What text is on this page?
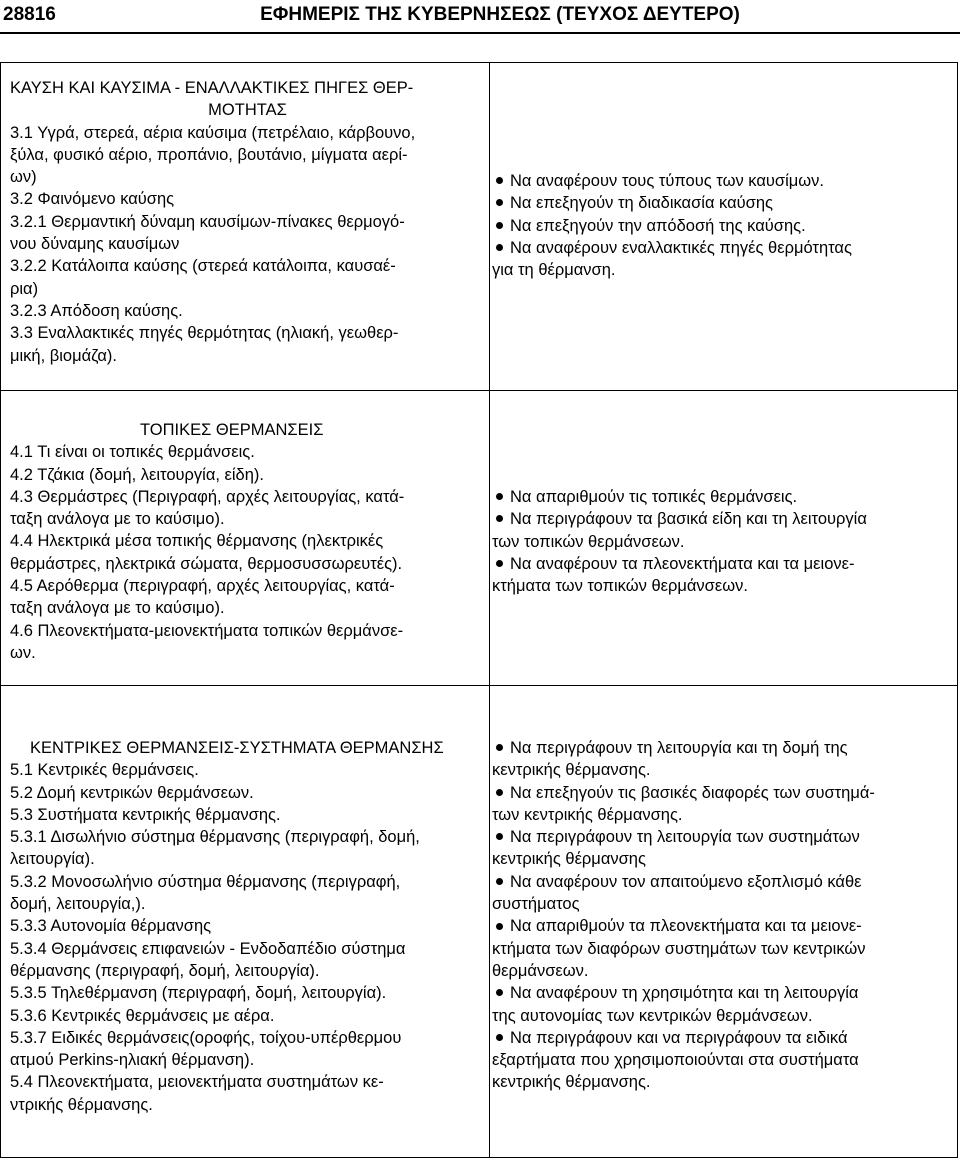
28816	ΕΦΗΜΕΡΙΣ ΤΗΣ ΚΥΒΕΡΝΗΣΕΩΣ (ΤΕΥΧΟΣ ΔΕΥΤΕΡΟ)
ΚΑΥΣΗ ΚΑΙ ΚΑΥΣΙΜΑ - ΕΝΑΛΛΑΚΤΙΚΕΣ ΠΗΓΕΣ ΘΕΡ-
ΜΟΤΗΤΑΣ
3.1 Υγρά, στερεά, αέρια καύσιμα (πετρέλαιο, κάρβουνο,
ξύλα, φυσικό αέριο, προπάνιο, βουτάνιο, μίγματα αερί-
ων)
3.2 Φαινόμενο καύσης
3.2.1 Θερμαντική δύναμη καυσίμων-πίνακες θερμογό-
νου δύναμης καυσίμων
3.2.2 Κατάλοιπα καύσης (στερεά κατάλοιπα, καυσαέ-
ρια)
3.2.3 Απόδοση καύσης.
3.3 Εναλλακτικές πηγές θερμότητας (ηλιακή, γεωθερ-
μική, βιομάζα).
Να αναφέρουν τους τύπους των καυσίμων.
Να επεξηγούν τη διαδικασία καύσης
Να επεξηγούν την απόδοσή της καύσης.
Να αναφέρουν εναλλακτικές πηγές θερμότητας
για τη θέρμανση.
ΤΟΠΙΚΕΣ ΘΕΡΜΑΝΣΕΙΣ
4.1 Τι είναι οι τοπικές θερμάνσεις.
4.2 Τζάκια (δομή, λειτουργία, είδη).
4.3 Θερμάστρες (Περιγραφή, αρχές λειτουργίας, κατά-
ταξη ανάλογα με το καύσιμο).
4.4 Ηλεκτρικά μέσα τοπικής θέρμανσης (ηλεκτρικές
θερμάστρες, ηλεκτρικά σώματα, θερμοσυσσωρευτές).
4.5 Αερόθερμα (περιγραφή, αρχές λειτουργίας, κατά-
ταξη ανάλογα με το καύσιμο).
4.6 Πλεονεκτήματα-μειονεκτήματα τοπικών θερμάνσε-
ων.
Να απαριθμούν τις τοπικές θερμάνσεις.
Να περιγράφουν τα βασικά είδη και τη λειτουργία
των τοπικών θερμάνσεων.
Να αναφέρουν τα πλεονεκτήματα και τα μειονε-
κτήματα των τοπικών θερμάνσεων.
ΚΕΝΤΡΙΚΕΣ ΘΕΡΜΑΝΣΕΙΣ-ΣΥΣΤΗΜΑΤΑ ΘΕΡΜΑΝΣΗΣ
5.1 Κεντρικές θερμάνσεις.
5.2 Δομή κεντρικών θερμάνσεων.
5.3 Συστήματα κεντρικής θέρμανσης.
5.3.1 Δισωλήνιο σύστημα θέρμανσης (περιγραφή, δομή,
λειτουργία).
5.3.2 Μονοσωλήνιο σύστημα θέρμανσης (περιγραφή,
δομή, λειτουργία,).
5.3.3 Αυτονομία θέρμανσης
5.3.4 Θερμάνσεις επιφανειών - Ενδοδαπέδιο σύστημα
θέρμανσης (περιγραφή, δομή, λειτουργία).
5.3.5 Τηλεθέρμανση (περιγραφή, δομή, λειτουργία).
5.3.6 Κεντρικές θερμάνσεις με αέρα.
5.3.7 Ειδικές θερμάνσεις(οροφής, τοίχου-υπέρθερμου
ατμού Perkins-ηλιακή θέρμανση).
5.4 Πλεονεκτήματα, μειονεκτήματα συστημάτων κε-
ντρικής θέρμανσης.
Να περιγράφουν τη λειτουργία και τη δομή της
κεντρικής θέρμανσης.
Να επεξηγούν τις βασικές διαφορές των συστημά-
των κεντρικής θέρμανσης.
Να περιγράφουν τη λειτουργία των συστημάτων
κεντρικής θέρμανσης
Να αναφέρουν τον απαιτούμενο εξοπλισμό κάθε
συστήματος
Να απαριθμούν τα πλεονεκτήματα και τα μειονε-
κτήματα των διαφόρων συστημάτων των κεντρικών
θερμάνσεων.
Να αναφέρουν τη χρησιμότητα και τη λειτουργία
της αυτονομίας των κεντρικών θερμάνσεων.
Να περιγράφουν και να περιγράφουν τα ειδικά
εξαρτήματα που χρησιμοποιούνται στα συστήματα
κεντρικής θέρμανσης.
